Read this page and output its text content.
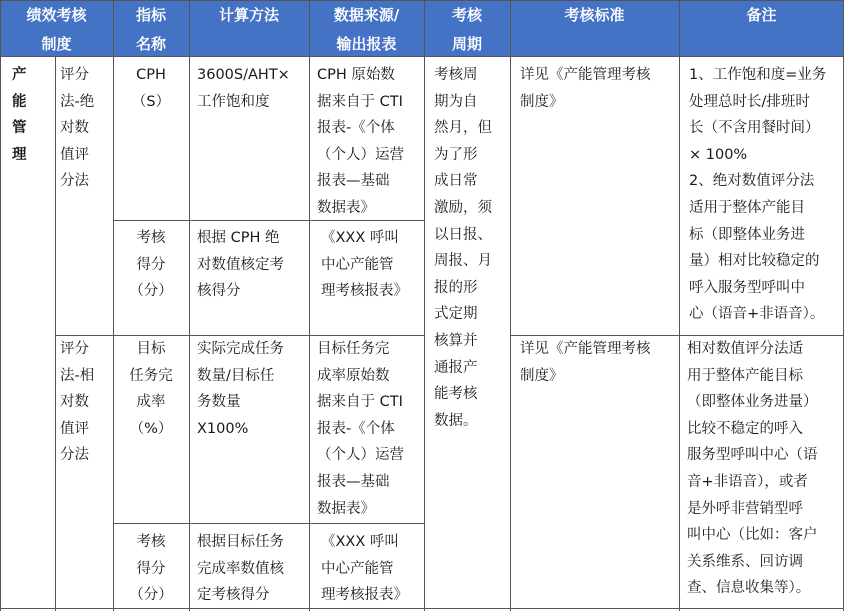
绩效考核
制度
指标
名称
计算方法	数据来源/
输出报表
考核
周期
考核标准	备注
产
能
管
理
评分
法-绝
对数
值评
分法
CPH
（S）
3600S/AHT×
工作饱和度
CPH 原始数
据来自于 CTI
报表-《个体
（个人）运营
报表—基础
数据表》
考核
得分
（分）
根据 CPH 绝
对数值核定考
核得分
《XXX 呼叫
中心产能管
理考核报表》
详见《产能管理考核
制度》
1、工作饱和度=业务
处理总时长/排班时
长（不含用餐时间）
× 100%
2、绝对数值评分法
适用于整体产能目
标（即整体业务进
量）相对比较稳定的
呼入服务型呼叫中
心（语音+非语音）。
考核周
期为自
然月，但
为了形
成日常
激励，须
以日报、
周报、月
报的形
式定期
核算并
通报产
能考核
数据。
评分
法-相
对数
值评
分法
目标
任务完
成率
（%）
实际完成任务
数量/目标任
务数量
X100%
目标任务完
成率原始数
据来自于 CTI
报表-《个体
（个人）运营
报表—基础
数据表》
考核
得分
（分）
根据目标任务
完成率数值核
定考核得分
《XXX 呼叫
中心产能管
理考核报表》
详见《产能管理考核
制度》
相对数值评分法适
用于整体产能目标
（即整体业务进量）
比较不稳定的呼入
服务型呼叫中心（语
音+非语音），或者
是外呼非营销型呼
叫中心（比如：客户
关系维系、回访调
查、信息收集等）。
